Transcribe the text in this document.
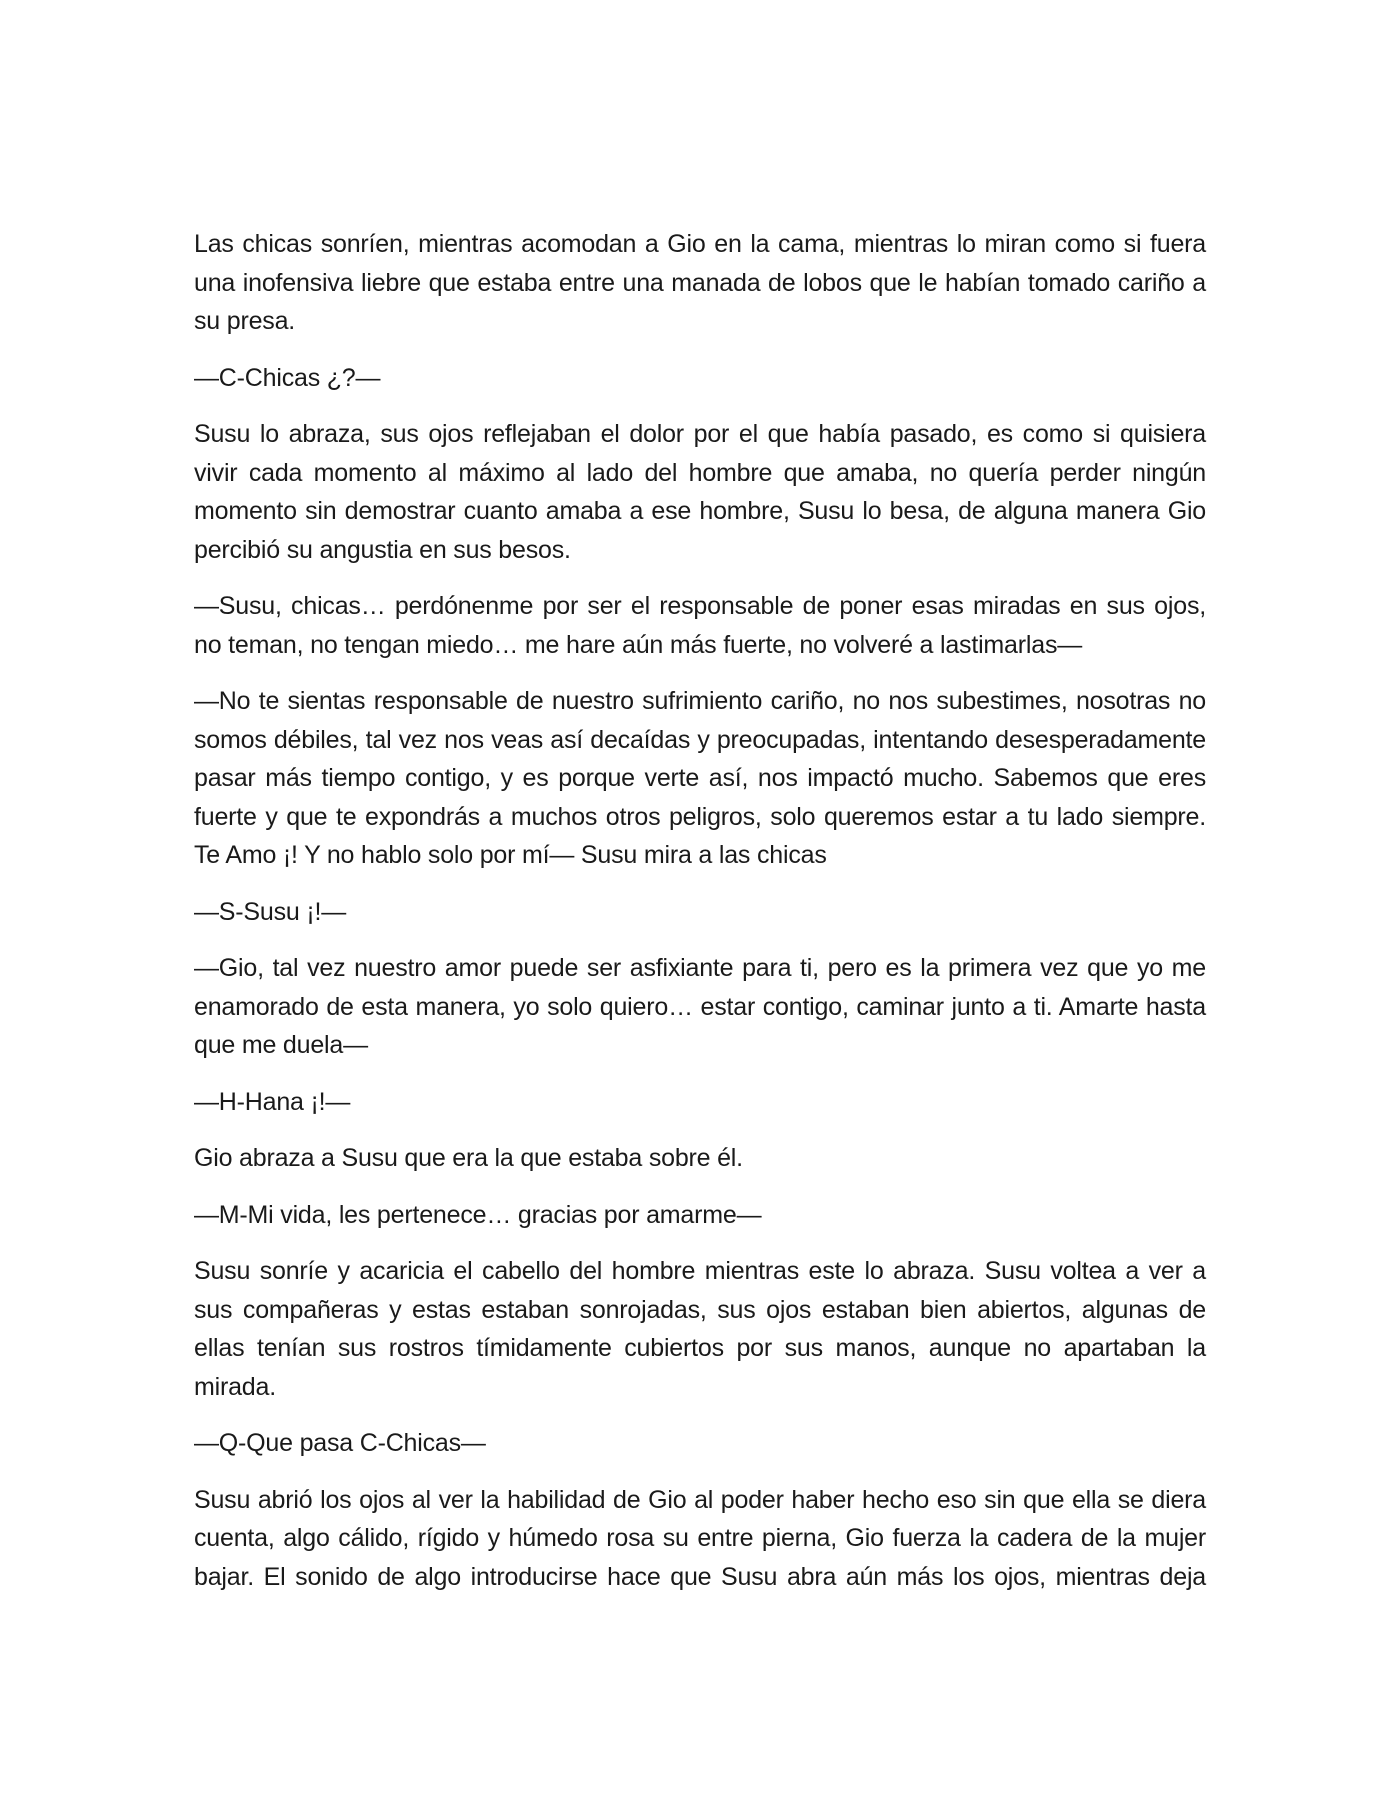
Las chicas sonríen, mientras acomodan a Gio en la cama, mientras lo miran como si fuera una inofensiva liebre que estaba entre una manada de lobos que le habían tomado cariño a su presa.

—C-Chicas ¿?—

Susu lo abraza, sus ojos reflejaban el dolor por el que había pasado, es como si quisiera vivir cada momento al máximo al lado del hombre que amaba, no quería perder ningún momento sin demostrar cuanto amaba a ese hombre, Susu lo besa, de alguna manera Gio percibió su angustia en sus besos.

—Susu, chicas… perdónenme por ser el responsable de poner esas miradas en sus ojos, no teman, no tengan miedo… me hare aún más fuerte, no volveré a lastimarlas—

—No te sientas responsable de nuestro sufrimiento cariño, no nos subestimes, nosotras no somos débiles, tal vez nos veas así decaídas y preocupadas, intentando desesperadamente pasar más tiempo contigo, y es porque verte así, nos impactó mucho. Sabemos que eres fuerte y que te expondrás a muchos otros peligros, solo queremos estar a tu lado siempre. Te Amo ¡! Y no hablo solo por mí— Susu mira a las chicas

—S-Susu ¡!—

—Gio, tal vez nuestro amor puede ser asfixiante para ti, pero es la primera vez que yo me enamorado de esta manera, yo solo quiero… estar contigo, caminar junto a ti. Amarte hasta que me duela—

—H-Hana ¡!—

Gio abraza a Susu que era la que estaba sobre él.

—M-Mi vida, les pertenece… gracias por amarme—

Susu sonríe y acaricia el cabello del hombre mientras este lo abraza. Susu voltea a ver a sus compañeras y estas estaban sonrojadas, sus ojos estaban bien abiertos, algunas de ellas tenían sus rostros tímidamente cubiertos por sus manos, aunque no apartaban la mirada.

—Q-Que pasa C-Chicas—

Susu abrió los ojos al ver la habilidad de Gio al poder haber hecho eso sin que ella se diera cuenta, algo cálido, rígido y húmedo rosa su entre pierna, Gio fuerza la cadera de la mujer bajar. El sonido de algo introducirse hace que Susu abra aún más los ojos, mientras deja
